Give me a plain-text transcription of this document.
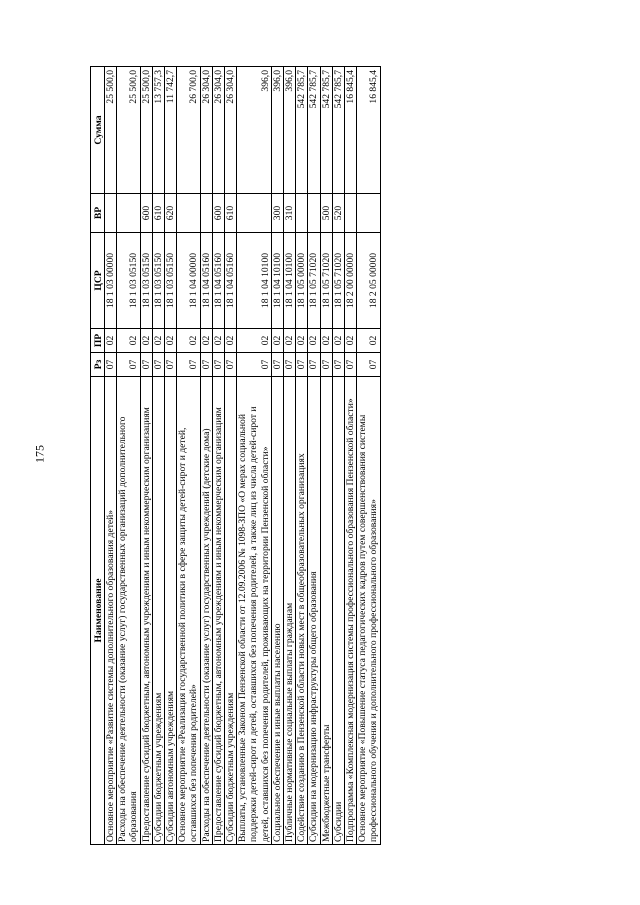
175
Наименование	Рз	ПР	ЦСР	ВР	Сумма
Основное мероприятие «Развитие системы дополнительного образования детей»	07	02	18 1 03 00000		25 500,0
Расходы на обеспечение деятельности (оказание услуг) государственных организаций дополнительного образования	07	02	18 1 03 05150		25 500,0
Предоставление субсидий бюджетным, автономным учреждениям и иным некоммерческим организациям	07	02	18 1 03 05150	600	25 500,0
Субсидии бюджетным учреждениям	07	02	18 1 03 05150	610	13 757,3
Субсидии автономным учреждениям	07	02	18 1 03 05150	620	11 742,7
Основное мероприятие «Реализация государственной политики в сфере защиты детей-сирот и детей, оставшихся без попечения родителей»	07	02	18 1 04 00000		26 700,0
Расходы на обеспечение деятельности (оказание услуг) государственных учреждений (детские дома)	07	02	18 1 04 05160		26 304,0
Предоставление субсидий бюджетным, автономным учреждениям и иным некоммерческим организациям	07	02	18 1 04 05160	600	26 304,0
Субсидии бюджетным учреждениям	07	02	18 1 04 05160	610	26 304,0
Выплаты, установленные Законом Пензенской области от 12.09.2006 № 1098-ЗПО «О мерах социальной поддержки детей-сирот и детей, оставшихся без попечения родителей, а также лиц из числа детей-сирот и детей, оставшихся без попечения родителей, проживающих на территории Пензенской области»	07	02	18 1 04 10100		396,0
Социальное обеспечение и иные выплаты населению	07	02	18 1 04 10100	300	396,0
Публичные нормативные социальные выплаты гражданам	07	02	18 1 04 10100	310	396,0
Содействие созданию в Пензенской области новых мест в общеобразовательных организациях	07	02	18 1 05 00000		542 785,7
Субсидии на модернизацию инфраструктуры общего образования	07	02	18 1 05 71020		542 785,7
Межбюджетные трансферты	07	02	18 1 05 71020	500	542 785,7
Субсидии	07	02	18 1 05 71020	520	542 785,7
Подпрограмма «Комплексная модернизация системы профессионального образования Пензенской области»	07	02	18 2 00 00000		16 845,4
Основное мероприятие «Повышение статуса педагогических кадров путем совершенствования системы профессионального обучения и дополнительного профессионального образования»	07	02	18 2 05 00000		16 845,4
